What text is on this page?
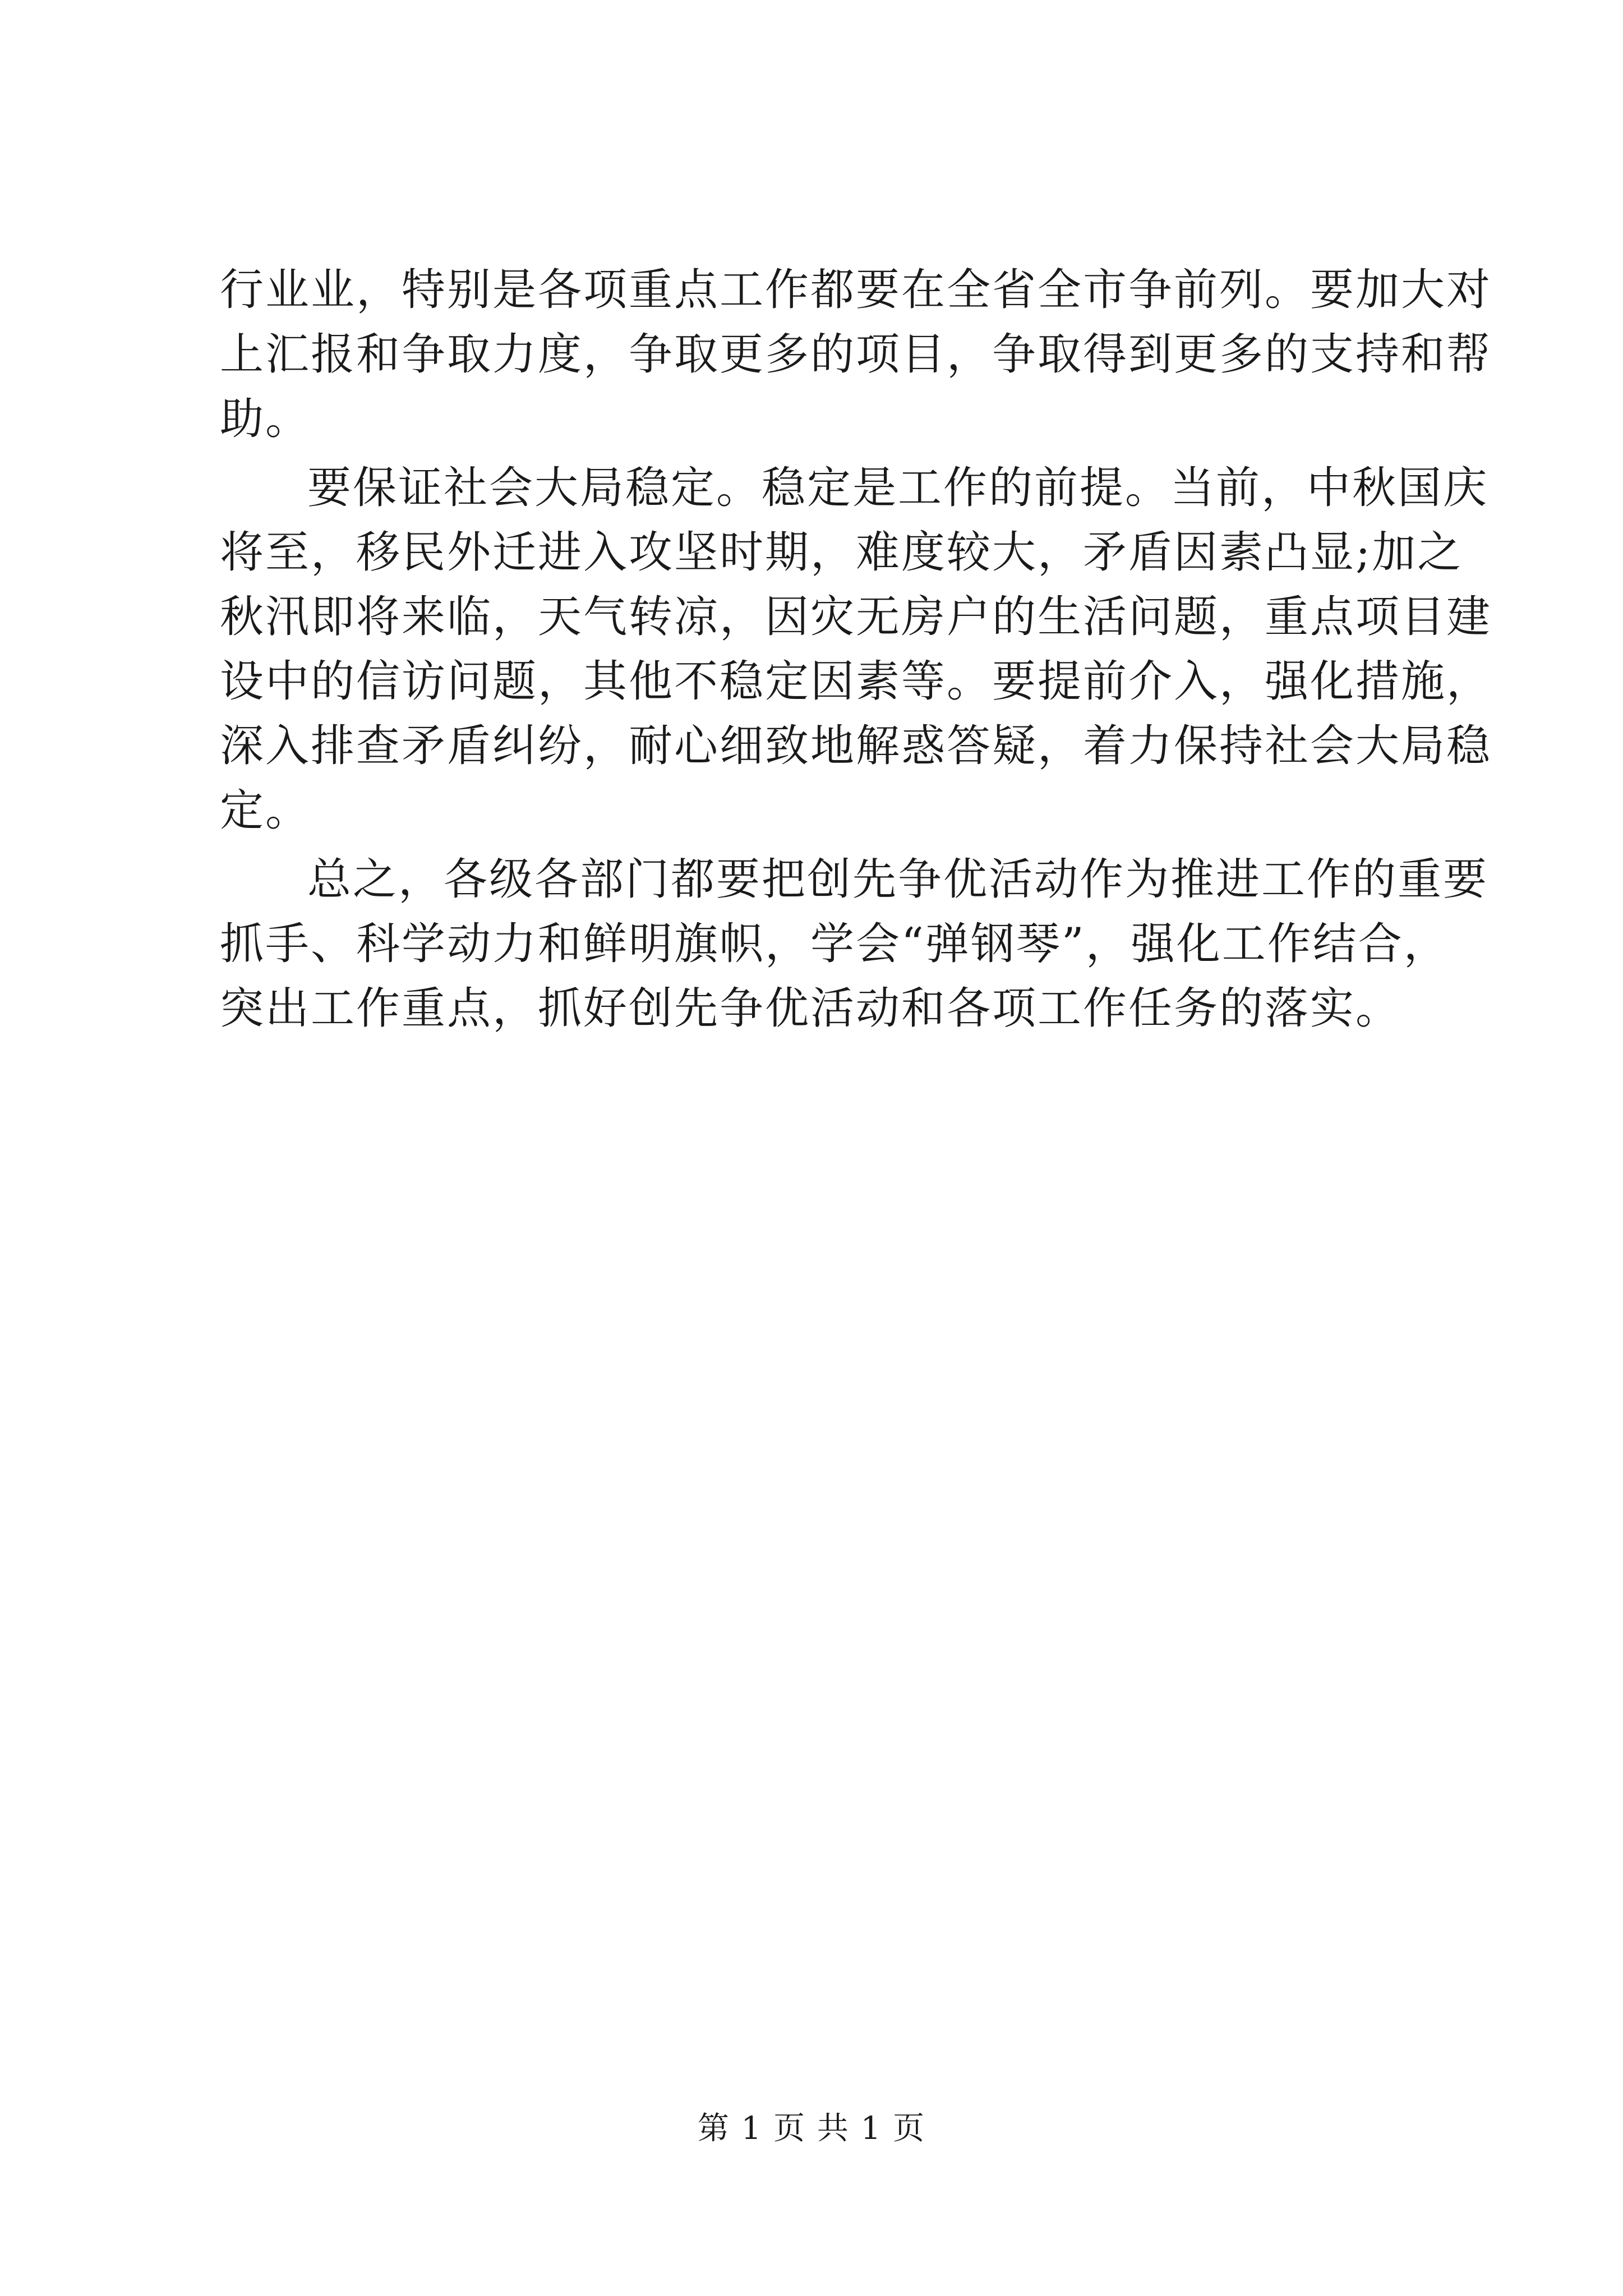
行业业，特别是各项重点工作都要在全省全市争前列。要加大对
上汇报和争取力度，争取更多的项目，争取得到更多的支持和帮
助。
要保证社会大局稳定。稳定是工作的前提。当前，中秋国庆
将至，移民外迁进入攻坚时期，难度较大，矛盾因素凸显;加之
秋汛即将来临，天气转凉，因灾无房户的生活问题，重点项目建
设中的信访问题，其他不稳定因素等。要提前介入，强化措施，
深入排查矛盾纠纷，耐心细致地解惑答疑，着力保持社会大局稳
定。
总之，各级各部门都要把创先争优活动作为推进工作的重要
抓手、科学动力和鲜明旗帜，学会“弹钢琴”，强化工作结合，
突出工作重点，抓好创先争优活动和各项工作任务的落实。
第 1 页 共 1 页
